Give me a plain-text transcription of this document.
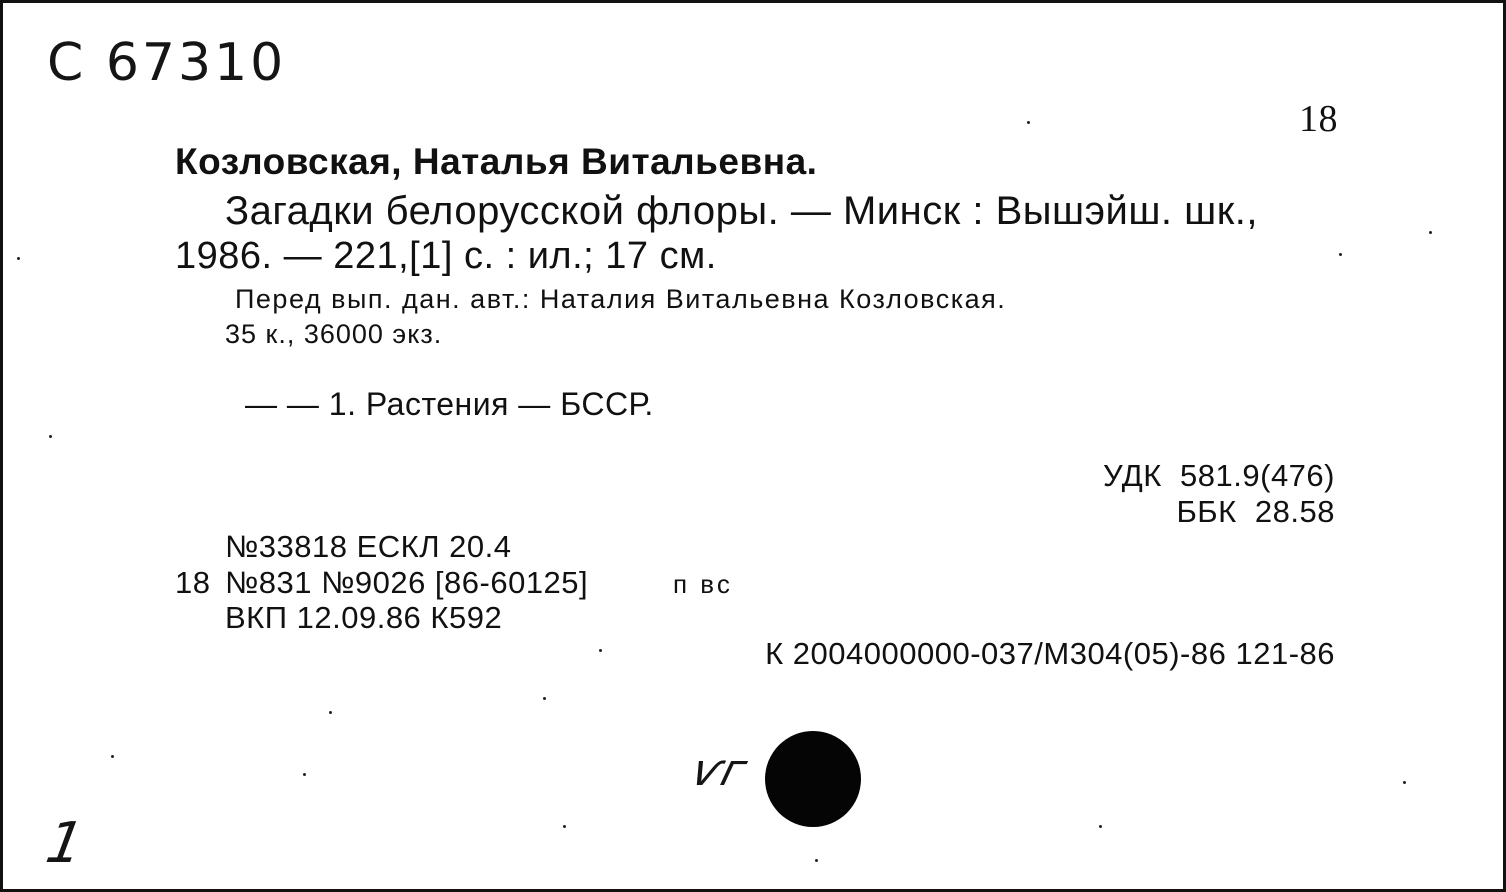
С 67310
18
Козловская, Наталья Витальевна.
Загадки белорусской флоры. — Минск : Вышэйш. шк.,
1986. — 221,[1] с. : ил.; 17 см.
Перед вып. дан. авт.: Наталия Витальевна Козловская.
35 к., 36000 экз.
— — 1. Растения — БССР.
УДК  581.9(476)
ББК  28.58
№33818 ЕСКЛ 20.4
18 №831 №9026 [86-60125]	п вс
ВКП 12.09.86 К592
К 2004000000-037/М304(05)-86 121-86
ѵг
1
